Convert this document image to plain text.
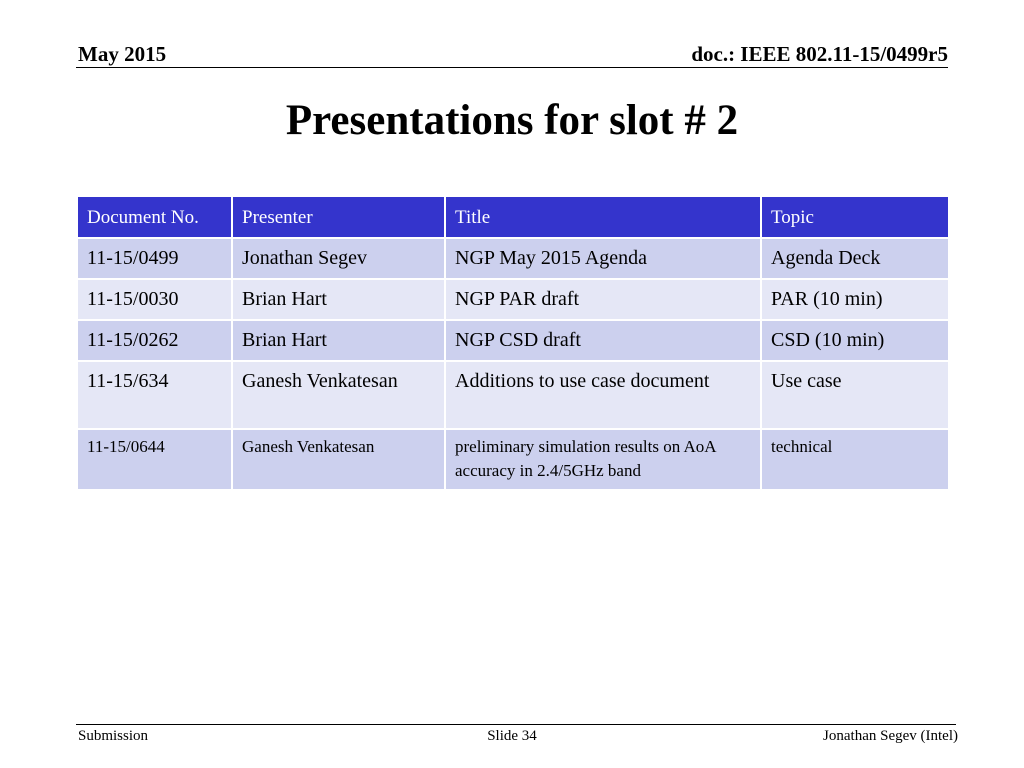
May 2015	doc.: IEEE 802.11-15/0499r5
Presentations for slot # 2
Document No.	Presenter	Title	Topic
11-15/0499	Jonathan Segev	NGP May 2015 Agenda	Agenda Deck
11-15/0030	Brian Hart	NGP PAR draft	PAR (10 min)
11-15/0262	Brian Hart	NGP CSD draft	CSD (10 min)
11-15/634	Ganesh Venkatesan	Additions to use case document	Use case
11-15/0644	Ganesh Venkatesan	preliminary simulation results on AoA accuracy in 2.4/5GHz band	technical
Submission	Slide 34	Jonathan Segev (Intel)
